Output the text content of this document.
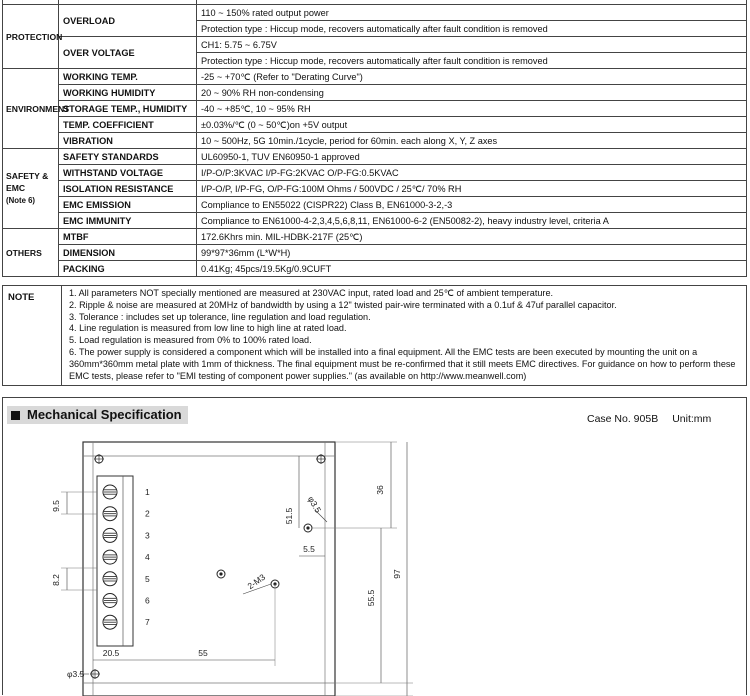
PROTECTION	OVERLOAD	110 ~ 150% rated output power
		Protection type : Hiccup mode, recovers automatically after fault condition is removed
	OVER VOLTAGE	CH1: 5.75 ~ 6.75V
		Protection type : Hiccup mode, recovers automatically after fault condition is removed
ENVIRONMENT	WORKING TEMP.	-25 ~ +70℃ (Refer to "Derating Curve")
	WORKING HUMIDITY	20 ~ 90% RH non-condensing
	STORAGE TEMP., HUMIDITY	-40 ~ +85℃, 10 ~ 95% RH
	TEMP. COEFFICIENT	±0.03%/℃ (0 ~ 50℃)on +5V output
	VIBRATION	10 ~ 500Hz, 5G 10min./1cycle, period for 60min. each along X, Y, Z axes
SAFETY & EMC
(Note 6)	SAFETY STANDARDS	UL60950-1, TUV EN60950-1 approved
	WITHSTAND VOLTAGE	I/P-O/P:3KVAC I/P-FG:2KVAC O/P-FG:0.5KVAC
	ISOLATION RESISTANCE	I/P-O/P, I/P-FG, O/P-FG:100M Ohms / 500VDC / 25℃/ 70% RH
	EMC EMISSION	Compliance to EN55022 (CISPR22) Class B, EN61000-3-2,-3
	EMC IMMUNITY	Compliance to EN61000-4-2,3,4,5,6,8,11, EN61000-6-2 (EN50082-2), heavy industry level, criteria A
OTHERS	MTBF	172.6Khrs min. MIL-HDBK-217F (25℃)
	DIMENSION	99*97*36mm (L*W*H)
	PACKING	0.41Kg; 45pcs/19.5Kg/0.9CUFT
NOTE	1. All parameters NOT specially mentioned are measured at 230VAC input, rated load and 25℃ of ambient temperature.
2. Ripple & noise are measured at 20MHz of bandwidth by using a 12" twisted pair-wire terminated with a 0.1uf & 47uf parallel capacitor.
3. Tolerance : includes set up tolerance, line regulation and load regulation.
4. Line regulation is measured from low line to high line at rated load.
5. Load regulation is measured from 0% to 100% rated load.
6. The power supply is considered a component which will be installed into a final equipment. All the EMC tests are been executed by mounting the unit on a 360mm*360mm metal plate with 1mm of thickness. The final equipment must be re-confirmed that it still meets EMC directives. For guidance on how to perform these EMC tests, please refer to "EMI testing of component power supplies." (as available on http://www.meanwell.com)
Mechanical Specification	Case No. 905B Unit:mm
1
2
3
4
5
6
7
9.5
8.2	2-M3
51.5
φ3.5
36
5.5
97
55.5
20.5	55
φ3.5
